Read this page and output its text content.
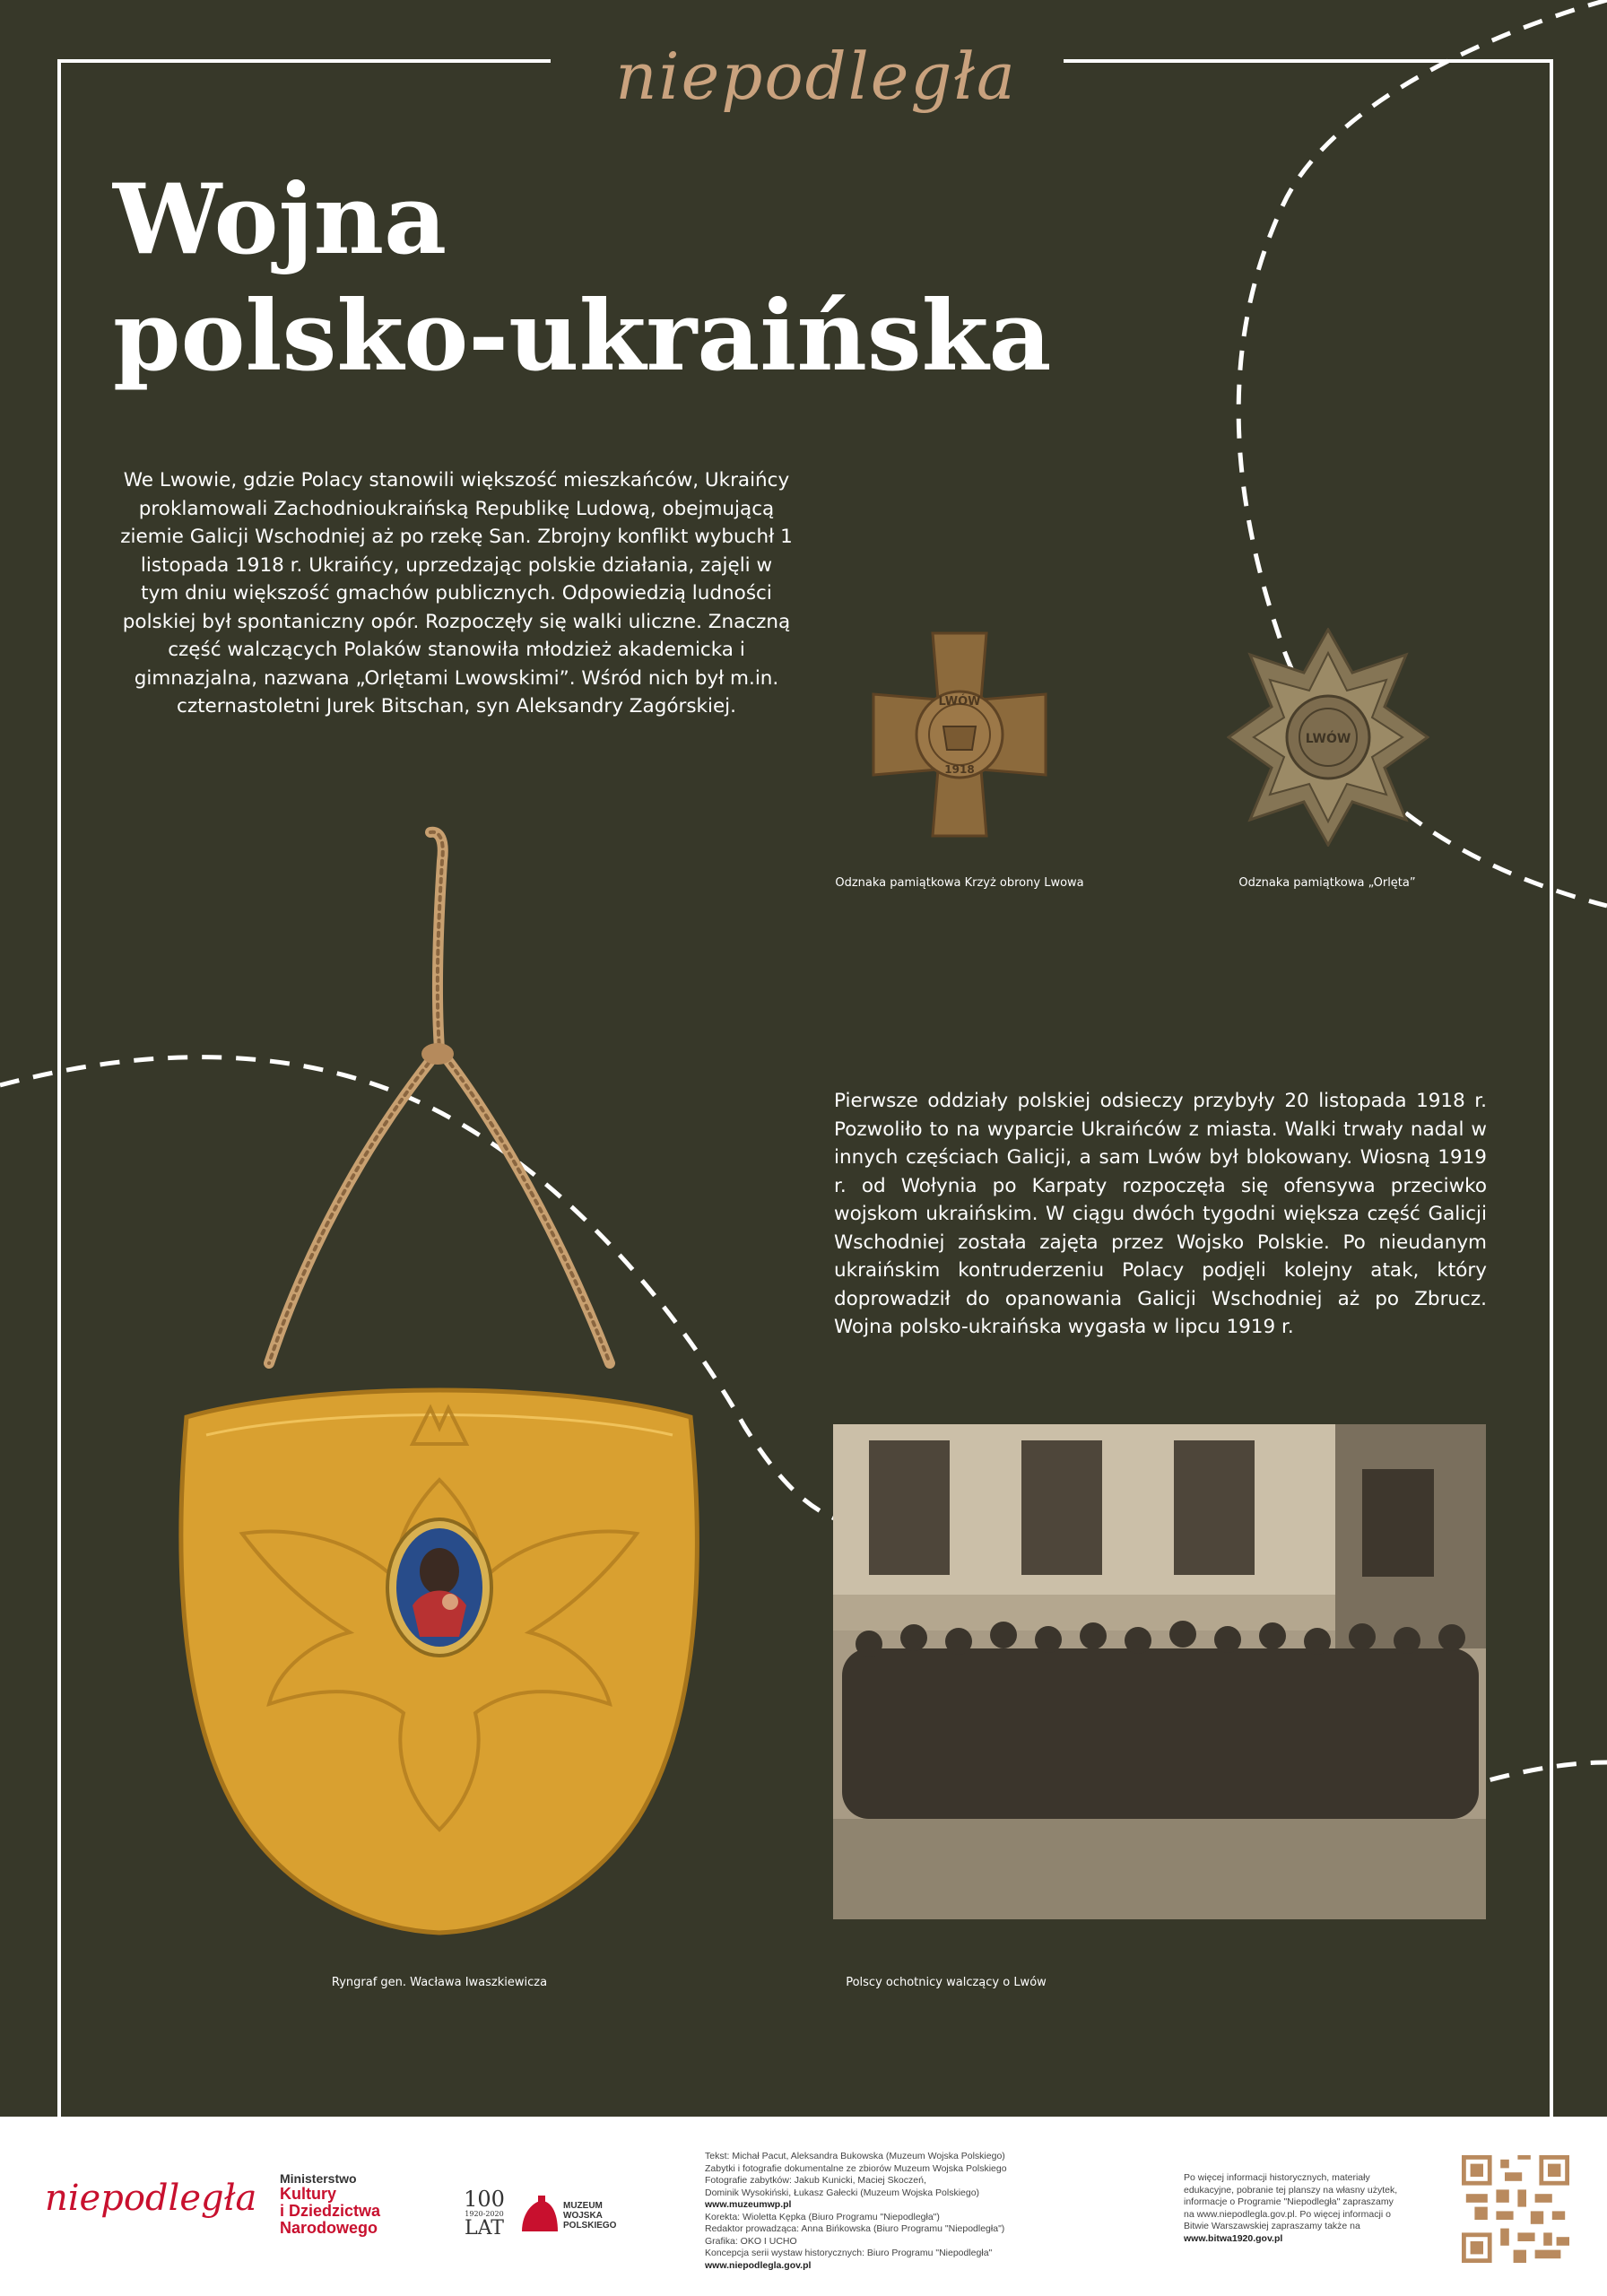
niepodległa
Wojna
polsko-ukraińska
We Lwowie, gdzie Polacy stanowili większość mieszkańców, Ukraińcy proklamowali Zachodnioukraińską Republikę Ludową, obejmującą ziemie Galicji Wschodniej aż po rzekę San. Zbrojny konflikt wybuchł 1 listopada 1918 r. Ukraińcy, uprzedzając polskie działania, zajęli w tym dniu większość gmachów publicznych. Odpowiedzią ludności polskiej był spontaniczny opór. Rozpoczęły się walki uliczne. Znaczną część walczących Polaków stanowiła młodzież akademicka i gimnazjalna, nazwana „Orlętami Lwowskimi”. Wśród nich był m.in. czternastoletni Jurek Bitschan, syn Aleksandry Zagórskiej.	LWÓW
1918
Odznaka pamiątkowa Krzyż obrony Lwowa
LWÓW
Odznaka pamiątkowa „Orlęta”
Ryngraf gen. Wacława Iwaszkiewicza
Pierwsze oddziały polskiej odsieczy przybyły 20 listopada 1918 r. Pozwoliło to na wyparcie Ukraińców z miasta. Walki trwały nadal w innych częściach Galicji, a sam Lwów był blokowany. Wiosną 1919 r. od Wołynia po Karpaty rozpoczęła się ofensywa przeciwko wojskom ukraińskim. W ciągu dwóch tygodni większa część Galicji Wschodniej została zajęta przez Wojsko Polskie. Po nieudanym ukraińskim kontruderzeniu Polacy podjęli kolejny atak, który doprowadził do opanowania Galicji Wschodniej aż po Zbrucz. Wojna polsko-ukraińska wygasła w lipcu 1919 r.
Polscy ochotnicy walczący o Lwów
niepodległa Ministerstwo
Kultury
i Dziedzictwa
Narodowego
100
1920-2020
LAT
MUZEUM
WOJSKA
POLSKIEGO
Tekst: Michał Pacut, Aleksandra Bukowska (Muzeum Wojska Polskiego)
Zabytki i fotografie dokumentalne ze zbiorów Muzeum Wojska Polskiego
Fotografie zabytków: Jakub Kunicki, Maciej Skoczeń,
Dominik Wysokiński, Łukasz Gałecki (Muzeum Wojska Polskiego)
www.muzeumwp.pl
Korekta: Wioletta Kępka (Biuro Programu "Niepodległa")
Redaktor prowadząca: Anna Bińkowska (Biuro Programu "Niepodległa")
Grafika: OKO I UCHO
Koncepcja serii wystaw historycznych: Biuro Programu "Niepodległa"
www.niepodlegla.gov.pl
Po więcej informacji historycznych, materiały
edukacyjne, pobranie tej planszy na własny użytek,
informacje o Programie "Niepodległa" zapraszamy
na www.niepodlegla.gov.pl. Po więcej informacji o
Bitwie Warszawskiej zapraszamy także na
www.bitwa1920.gov.pl
